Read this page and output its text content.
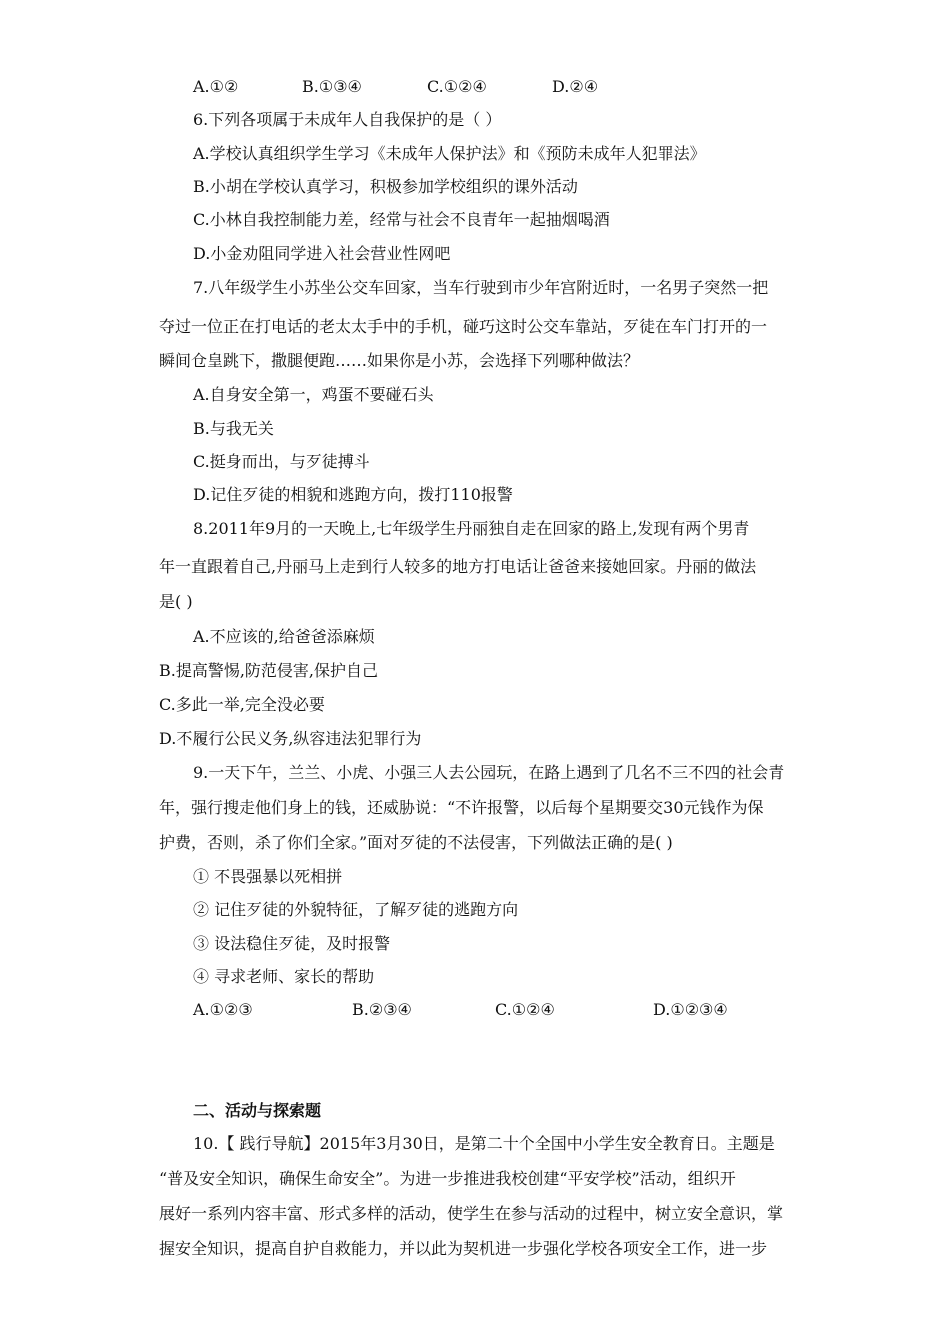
A.①②	B.①③④	C.①②④	D.②④
6.下列各项属于未成年人自我保护的是（ ）
A.学校认真组织学生学习《未成年人保护法》和《预防未成年人犯罪法》
B.小胡在学校认真学习，积极参加学校组织的课外活动
C.小林自我控制能力差，经常与社会不良青年一起抽烟喝酒
D.小金劝阻同学进入社会营业性网吧
7.八年级学生小苏坐公交车回家，当车行驶到市少年宫附近时，一名男子突然一把
夺过一位正在打电话的老太太手中的手机，碰巧这时公交车靠站，歹徒在车门打开的一
瞬间仓皇跳下，撒腿便跑……如果你是小苏，会选择下列哪种做法？
A.自身安全第一，鸡蛋不要碰石头
B.与我无关
C.挺身而出，与歹徒搏斗
D.记住歹徒的相貌和逃跑方向，拨打110报警
8.2011年9月的一天晚上,七年级学生丹丽独自走在回家的路上,发现有两个男青
年一直跟着自己,丹丽马上走到行人较多的地方打电话让爸爸来接她回家。丹丽的做法
是( )
A.不应该的,给爸爸添麻烦
B.提高警惕,防范侵害,保护自己
C.多此一举,完全没必要
D.不履行公民义务,纵容违法犯罪行为
9.一天下午，兰兰、小虎、小强三人去公园玩，在路上遇到了几名不三不四的社会青
年，强行搜走他们身上的钱，还威胁说：“不许报警，以后每个星期要交30元钱作为保
护费，否则，杀了你们全家。”面对歹徒的不法侵害，下列做法正确的是( )
① 不畏强暴以死相拼
② 记住歹徒的外貌特征，了解歹徒的逃跑方向
③ 设法稳住歹徒，及时报警
④ 寻求老师、家长的帮助
A.①②③	B.②③④	C.①②④	D.①②③④
二、活动与探索题
10.【 践行导航】2015年3月30日，是第二十个全国中小学生安全教育日。主题是
“普及安全知识，确保生命安全”。为进一步推进我校创建“平安学校”活动，组织开
展好一系列内容丰富、形式多样的活动，使学生在参与活动的过程中，树立安全意识，掌
握安全知识，提高自护自救能力，并以此为契机进一步强化学校各项安全工作，进一步
